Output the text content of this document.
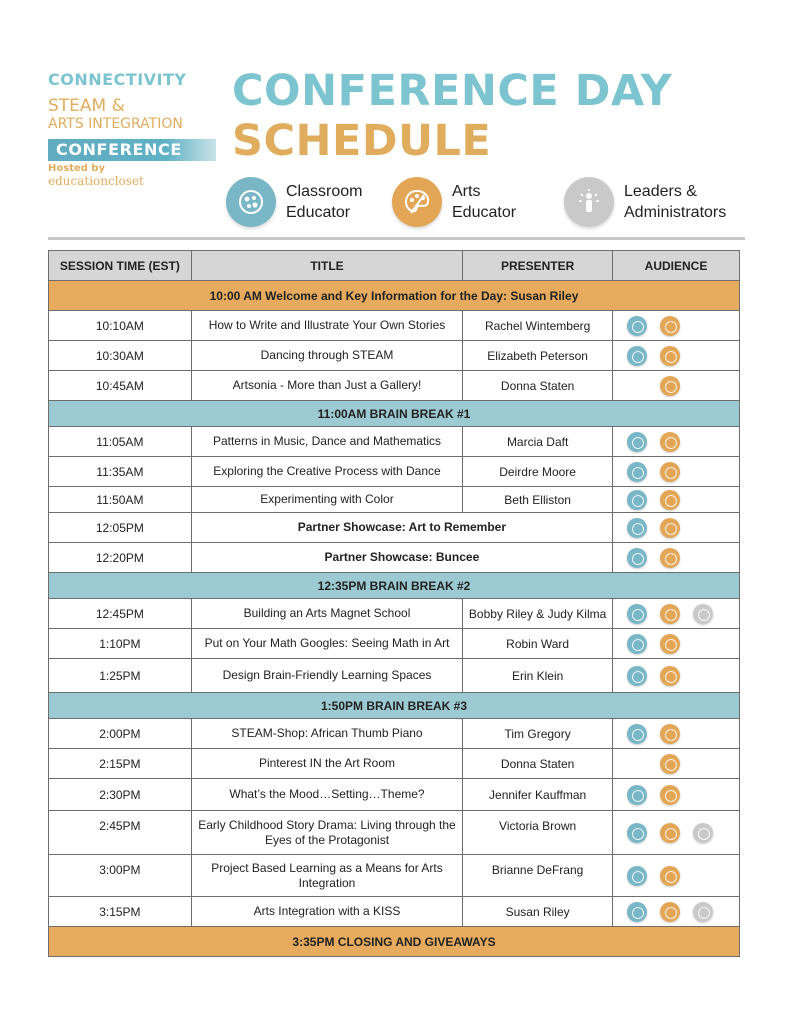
CONNECTIVITY
STEAM &
ARTS INTEGRATION
CONFERENCE
Hosted by
educationcloset
CONFERENCE DAY
SCHEDULE
Classroom
Educator
Arts
Educator
Leaders &
Administrators
SESSION TIME (EST)	TITLE	PRESENTER	AUDIENCE
10:00 AM Welcome and Key Information for the Day: Susan Riley			
10:10AM	How to Write and Illustrate Your Own Stories	Rachel Wintemberg	
10:30AM	Dancing through STEAM	Elizabeth Peterson	
10:45AM	Artsonia - More than Just a Gallery!	Donna Staten	
11:00AM BRAIN BREAK #1			
11:05AM	Patterns in Music, Dance and Mathematics	Marcia Daft	
11:35AM	Exploring the Creative Process with Dance	Deirdre Moore	
11:50AM	Experimenting with Color	Beth Elliston	
12:05PM	Partner Showcase: Art to Remember		
12:20PM	Partner Showcase: Buncee		
12:35PM BRAIN BREAK #2			
12:45PM	Building an Arts Magnet School	Bobby Riley & Judy Kilma	
1:10PM	Put on Your Math Googles: Seeing Math in Art	Robin Ward	
1:25PM	Design Brain-Friendly Learning Spaces	Erin Klein	
1:50PM BRAIN BREAK #3			
2:00PM	STEAM-Shop: African Thumb Piano	Tim Gregory	
2:15PM	Pinterest IN the Art Room	Donna Staten	
2:30PM	What’s the Mood…Setting…Theme?	Jennifer Kauffman	
2:45PM	Early Childhood Story Drama: Living through the Eyes of the Protagonist	Victoria Brown	
3:00PM	Project Based Learning as a Means for Arts Integration	Brianne DeFrang	
3:15PM	Arts Integration with a KISS	Susan Riley	
3:35PM CLOSING AND GIVEAWAYS			
